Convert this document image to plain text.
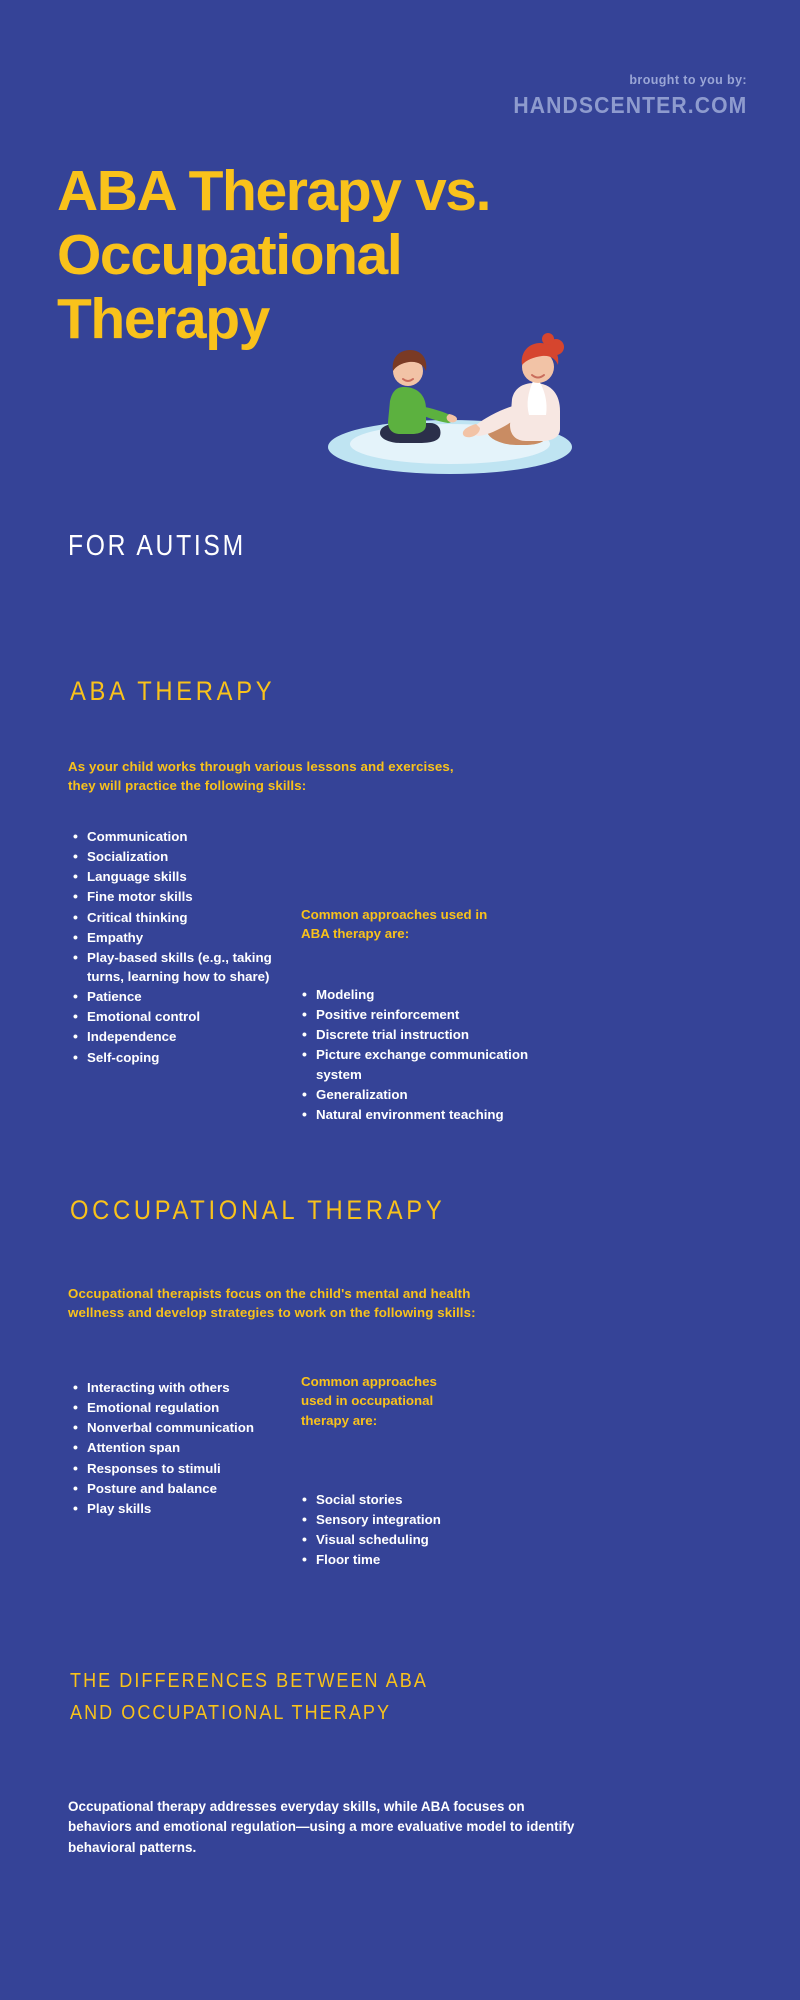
brought to you by:
HANDSCENTER.COM
ABA Therapy vs. Occupational Therapy
FOR AUTISM
ABA THERAPY
As your child works through various lessons and exercises, they will practice the following skills:
• Communication
• Socialization
• Language skills
• Fine motor skills
• Critical thinking
• Empathy
• Play-based skills (e.g., taking turns, learning how to share)
• Patience
• Emotional control
• Independence
• Self-coping
Common approaches used in ABA therapy are:
• Modeling
• Positive reinforcement
• Discrete trial instruction
• Picture exchange communication system
• Generalization
• Natural environment teaching
OCCUPATIONAL THERAPY
Occupational therapists focus on the child's mental and health wellness and develop strategies to work on the following skills:
• Interacting with others
• Emotional regulation
• Nonverbal communication
• Attention span
• Responses to stimuli
• Posture and balance
• Play skills
Common approaches used in occupational therapy are:
• Social stories
• Sensory integration
• Visual scheduling
• Floor time
THE DIFFERENCES BETWEEN ABA AND OCCUPATIONAL THERAPY
Occupational therapy addresses everyday skills, while ABA focuses on behaviors and emotional regulation—using a more evaluative model to identify behavioral patterns.
